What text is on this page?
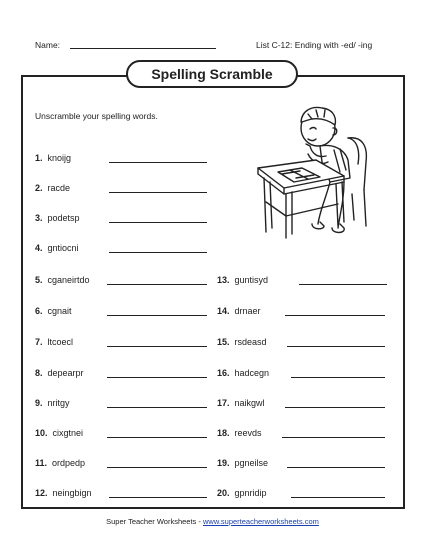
Name:	List C-12: Ending with -ed/ -ing
Spelling Scramble
Unscramble your spelling words.
1. knoijg
2. racde
3. podetsp
4. gntiocni
5. cganeirtdo
6. cgnait
7. ltcoecl
8. depearpr
9. nritgy
10. cixgtnei
11. ordpedp
12. neingbign
13. guntisyd
14. drnaer
15. rsdeasd
16. hadcegn
17. naikgwl
18. reevds
19. pgneilse
20. gpnridip
Super Teacher Worksheets - www.superteacherworksheets.com
